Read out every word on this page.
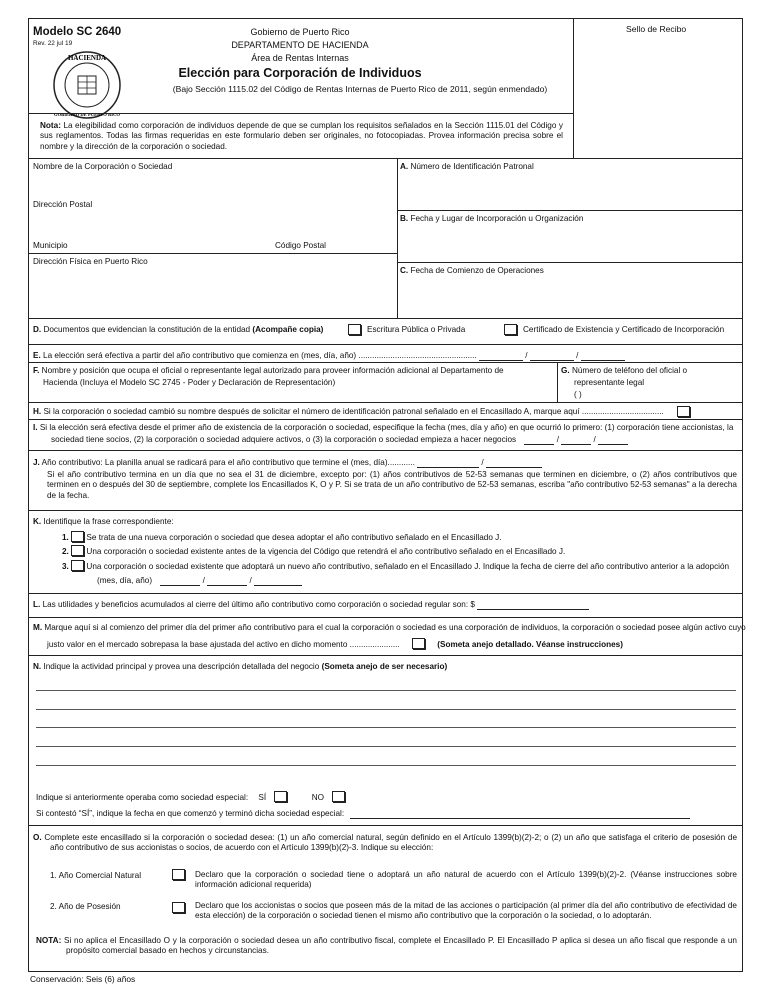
Modelo SC 2640
Rev. 22 jul 19
HACIENDA
GOBIERNO DE PUERTO RICO
Gobierno de Puerto Rico
DEPARTAMENTO DE HACIENDA
Área de Rentas Internas
Elección para Corporación de Individuos
(Bajo Sección 1115.02 del Código de Rentas Internas de Puerto Rico de 2011, según enmendado)
Sello de Recibo
Nota: La elegibilidad como corporación de individuos depende de que se cumplan los requisitos señalados en la Sección 1115.01 del Código y sus reglamentos. Todas las firmas requeridas en este formulario deben ser originales, no fotocopiadas. Provea información precisa sobre el nombre y la dirección de la corporación o sociedad.
Nombre de la Corporación o Sociedad
Dirección Postal
Municipio	Código Postal
Dirección Física en Puerto Rico
A. Número de Identificación Patronal
B. Fecha y Lugar de Incorporación u Organización
C. Fecha de Comienzo de Operaciones
D. Documentos que evidencian la constitución de la entidad (Acompañe copia)	Escritura Pública o Privada	Certificado de Existencia y Certificado de Incorporación
E. La elección será efectiva a partir del año contributivo que comienza en (mes, día, año) ....................................................	/	/
F. Nombre y posición que ocupa el oficial o representante legal autorizado para proveer información adicional al Departamento de
Hacienda (Incluya el Modelo SC 2745 - Poder y Declaración de Representación)
G. Número de teléfono del oficial o
representante legal
( )
H. Si la corporación o sociedad cambió su nombre después de solicitar el número de identificación patronal señalado en el Encasillado A, marque aquí ....................................
I. Si la elección será efectiva desde el primer año de existencia de la corporación o sociedad, especifique la fecha (mes, día y año) en que ocurrió lo primero: (1) corporación tiene accionistas, la
sociedad tiene socios, (2) la corporación o sociedad adquiere activos, o (3) la corporación o sociedad empieza a hacer negocios	/	/
J. Año contributivo: La planilla anual se radicará para el año contributivo que termine el (mes, día)............	/
Si el año contributivo termina en un día que no sea el 31 de diciembre, excepto por: (1) años contributivos de 52-53 semanas que terminen en diciembre, o (2) años contributivos que terminen en o después del 30 de septiembre, complete los Encasillados K, O y P. Si se trata de un año contributivo de 52-53 semanas, escriba "año contributivo 52-53 semanas" a la derecha de la fecha.
K. Identifique la frase correspondiente:
1. Se trata de una nueva corporación o sociedad que desea adoptar el año contributivo señalado en el Encasillado J.
2. Una corporación o sociedad existente antes de la vigencia del Código que retendrá el año contributivo señalado en el Encasillado J.
3. Una corporación o sociedad existente que adoptará un nuevo año contributivo, señalado en el Encasillado J. Indique la fecha de cierre del año contributivo anterior a la adopción
(mes, día, año)	/	/
L. Las utilidades y beneficios acumulados al cierre del último año contributivo como corporación o sociedad regular son: $
M. Marque aquí si al comienzo del primer día del primer año contributivo para el cual la corporación o sociedad es una corporación de individuos, la corporación o sociedad posee algún activo cuyo
justo valor en el mercado sobrepasa la base ajustada del activo en dicho momento ......................	(Someta anejo detallado. Véanse instrucciones)
N. Indique la actividad principal y provea una descripción detallada del negocio (Someta anejo de ser necesario)
Indique si anteriormente operaba como sociedad especial: SÍ	NO
Si contestó “SÍ”, indique la fecha en que comenzó y terminó dicha sociedad especial:
O. Complete este encasillado si la corporación o sociedad desea: (1) un año comercial natural, según definido en el Artículo 1399(b)(2)-2; o (2) un año que satisfaga el criterio de posesión de año contributivo de sus accionistas o socios, de acuerdo con el Artículo 1399(b)(2)-3. Indique su elección:
1. Año Comercial Natural	Declaro que la corporación o sociedad tiene o adoptará un año natural de acuerdo con el Artículo 1399(b)(2)-2. (Véanse instrucciones sobre información adicional requerida)
2. Año de Posesión	Declaro que los accionistas o socios que poseen más de la mitad de las acciones o participación (al primer día del año contributivo de efectividad de esta elección) de la corporación o sociedad tienen el mismo año contributivo que la corporación o la sociedad, o lo adoptarán.
NOTA: Si no aplica el Encasillado O y la corporación o sociedad desea un año contributivo fiscal, complete el Encasillado P. El Encasillado P aplica si desea un año fiscal que responde a un propósito comercial basado en hechos y circunstancias.
Conservación: Seis (6) años
